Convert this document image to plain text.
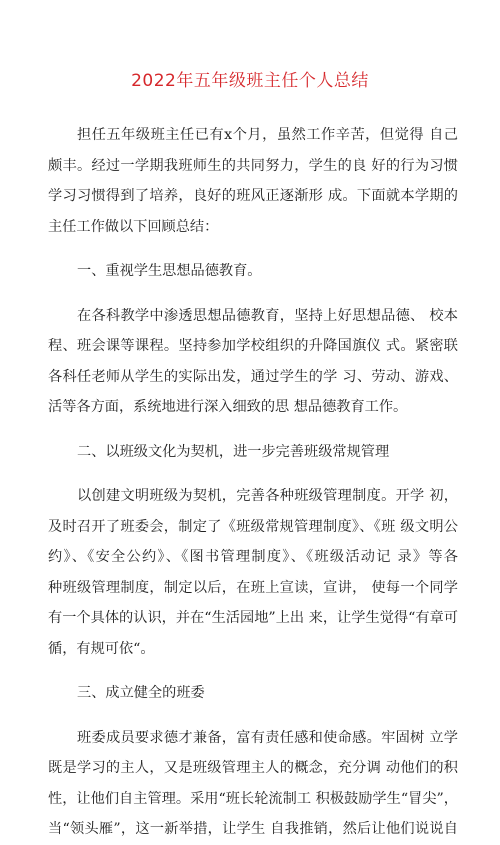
2022年五年级班主任个人总结
担任五年级班主任已有x个月，虽然工作辛苦，但觉得 自己
颇丰。经过一学期我班师生的共同努力，学生的良 好的行为习惯
学习习惯得到了培养，良好的班风正逐渐形 成。下面就本学期的
主任工作做以下回顾总结：
一、重视学生思想品德教育。
在各科教学中渗透思想品德教育，坚持上好思想品德、 校本
程、班会课等课程。坚持参加学校组织的升降国旗仪 式。紧密联
各科任老师从学生的实际出发，通过学生的学 习、劳动、游戏、
活等各方面，系统地进行深入细致的思 想品德教育工作。
二、以班级文化为契机，进一步完善班级常规管理
以创建文明班级为契机，完善各种班级管理制度。开学 初，
及时召开了班委会，制定了《班级常规管理制度》、《班 级文明公
约》、《安全公约》、《图书管理制度》、《班级活动记 录》等各
种班级管理制度，制定以后，在班上宣读，宣讲， 使每一个同学
有一个具体的认识，并在“生活园地”上出 来，让学生觉得“有章可
循，有规可依“。
三、成立健全的班委
班委成员要求德才兼备，富有责任感和使命感。牢固树 立学
既是学习的主人，又是班级管理主人的概念，充分调 动他们的积
性，让他们自主管理。采用“班长轮流制工 积极鼓励学生“冒尖”，
当“领头雁”，这一新举措，让学生 自我推销，然后让他们说说自
